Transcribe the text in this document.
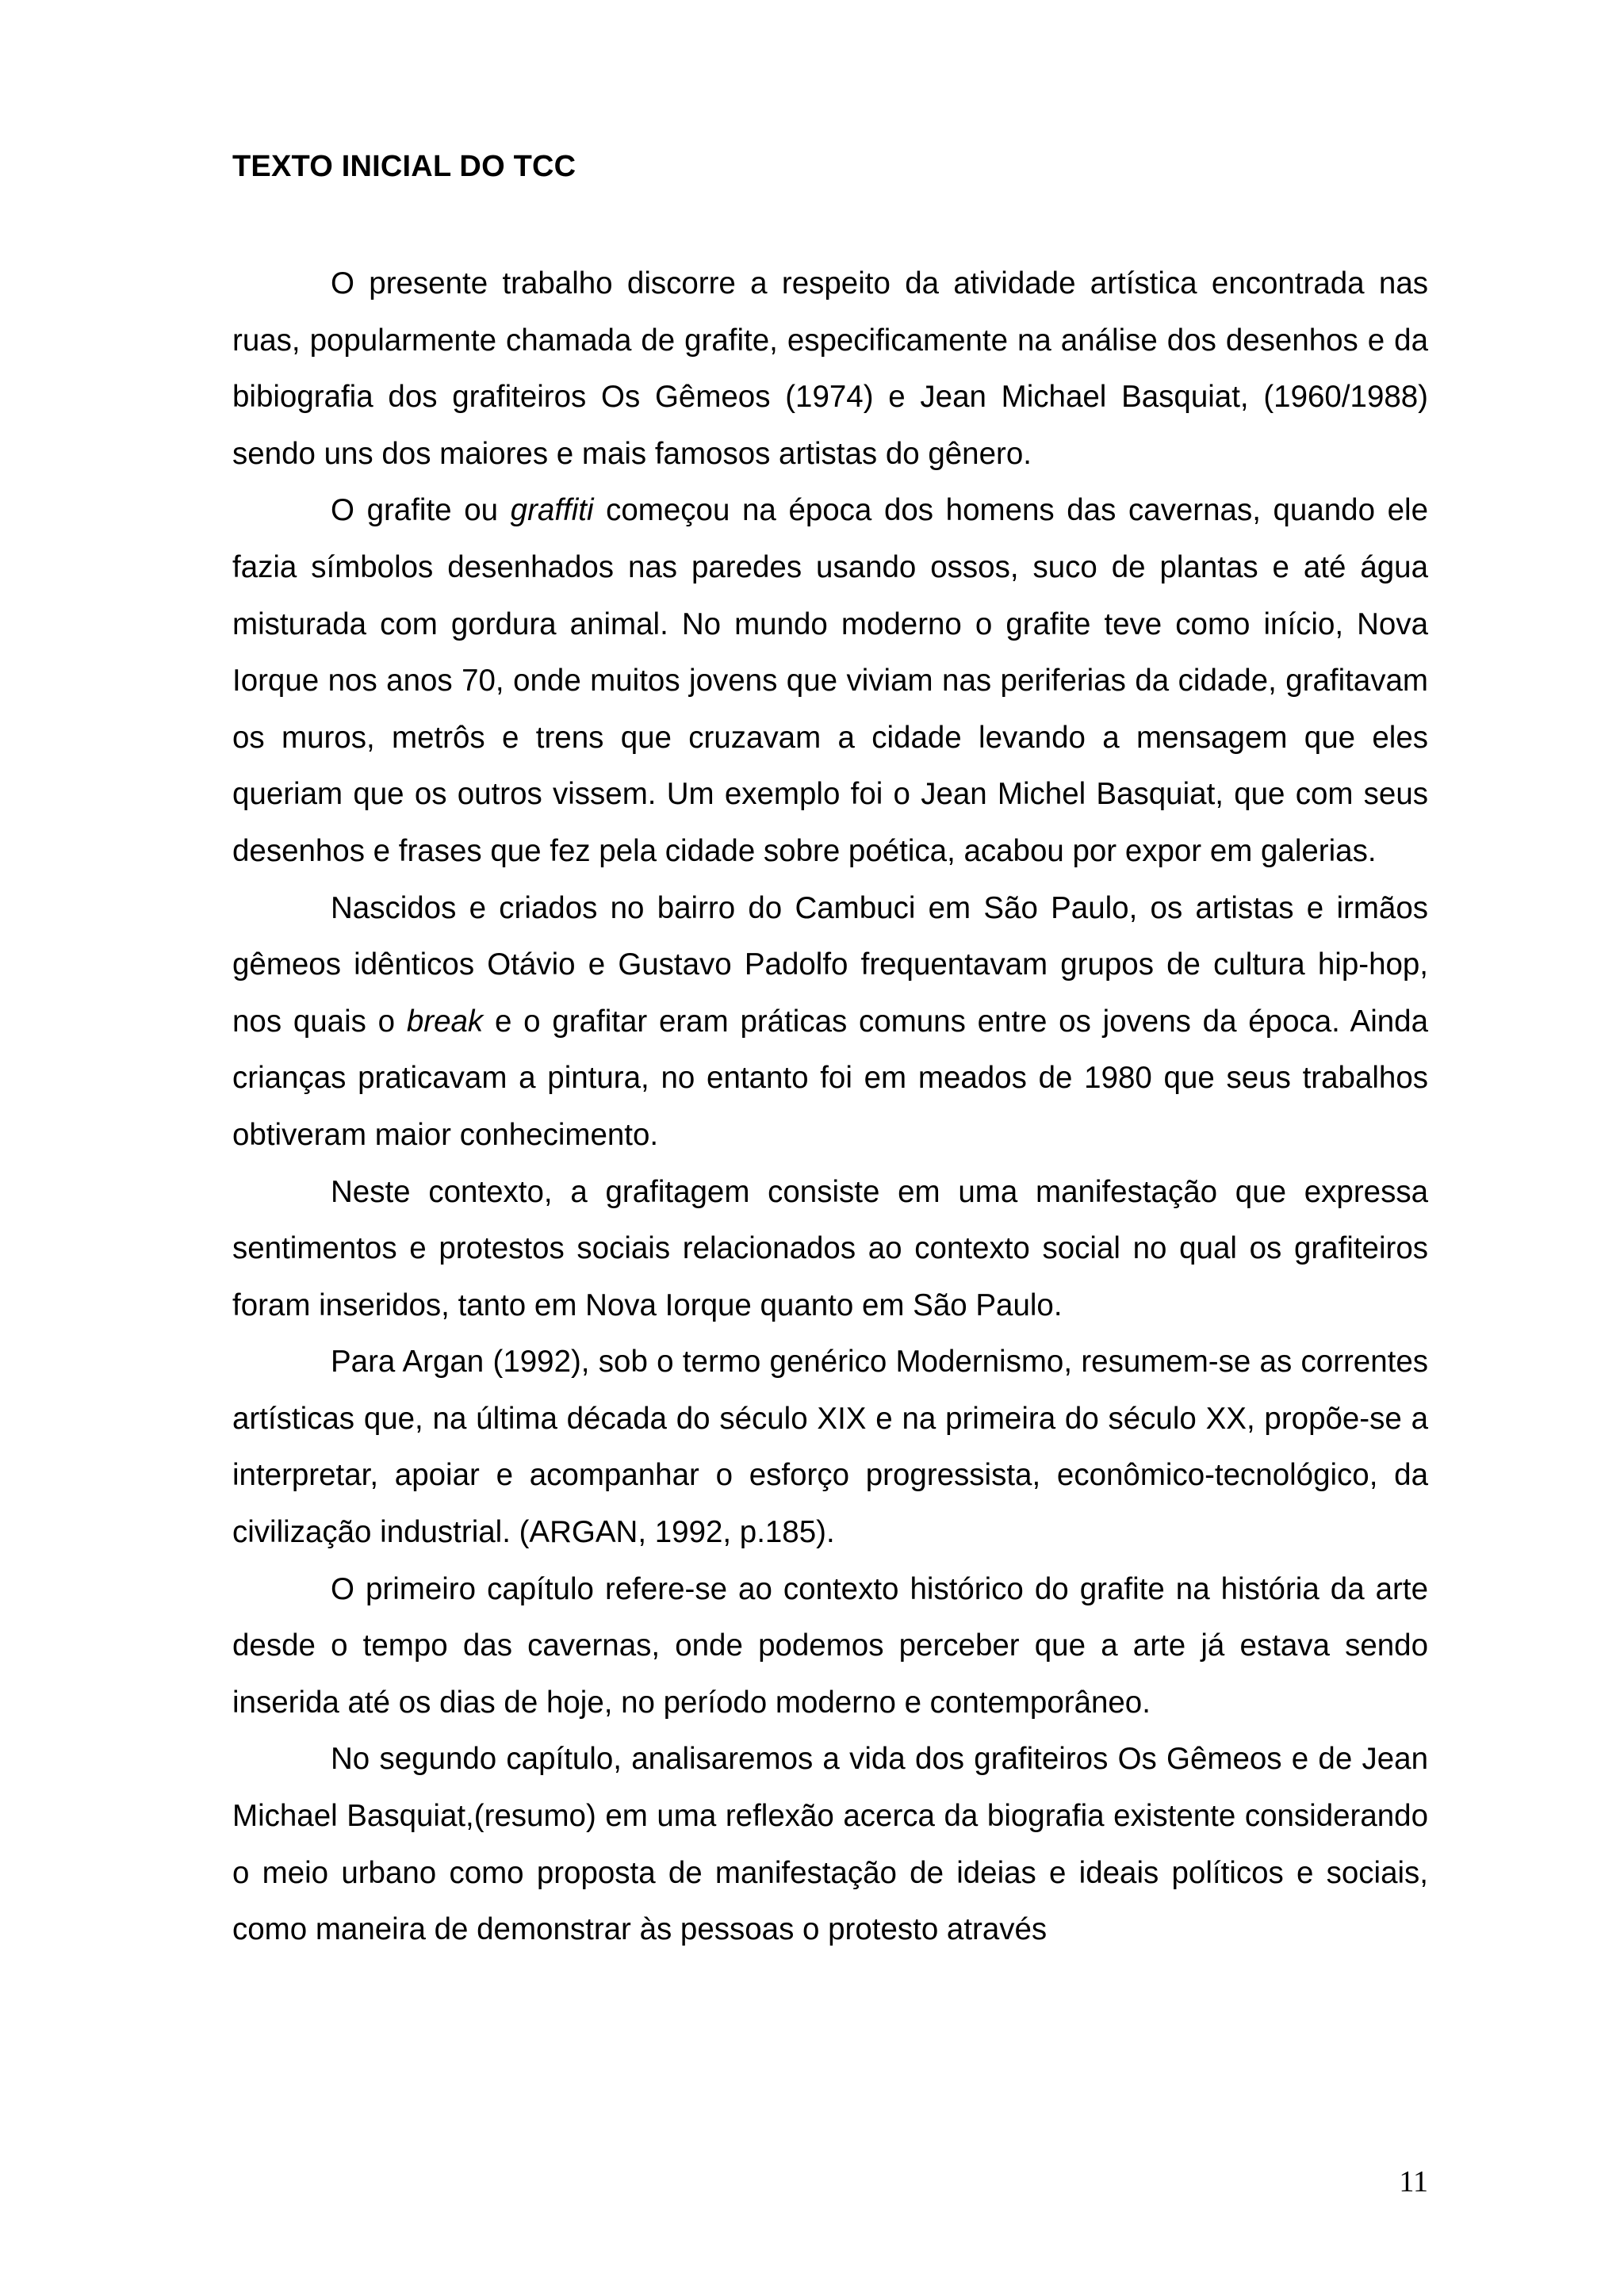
TEXTO INICIAL DO TCC

O presente trabalho discorre a respeito da atividade artística encontrada nas ruas, popularmente chamada de grafite, especificamente na análise dos desenhos e da bibiografia dos grafiteiros Os Gêmeos (1974) e Jean Michael Basquiat, (1960/1988) sendo uns dos maiores e mais famosos artistas do gênero.

O grafite ou graffiti começou na época dos homens das cavernas, quando ele fazia símbolos desenhados nas paredes usando ossos, suco de plantas e até água misturada com gordura animal. No mundo moderno o grafite teve como início, Nova Iorque nos anos 70, onde muitos jovens que viviam nas periferias da cidade, grafitavam os muros, metrôs e trens que cruzavam a cidade levando a mensagem que eles queriam que os outros vissem. Um exemplo foi o Jean Michel Basquiat, que com seus desenhos e frases que fez pela cidade sobre poética, acabou por expor em galerias.

Nascidos e criados no bairro do Cambuci em São Paulo, os artistas e irmãos gêmeos idênticos Otávio e Gustavo Padolfo frequentavam grupos de cultura hip-hop, nos quais o break e o grafitar eram práticas comuns entre os jovens da época. Ainda crianças praticavam a pintura, no entanto foi em meados de 1980 que seus trabalhos obtiveram maior conhecimento.

Neste contexto, a grafitagem consiste em uma manifestação que expressa sentimentos e protestos sociais relacionados ao contexto social no qual os grafiteiros foram inseridos, tanto em Nova Iorque quanto em São Paulo.

Para Argan (1992), sob o termo genérico Modernismo, resumem-se as correntes artísticas que, na última década do século XIX e na primeira do século XX, propõe-se a interpretar, apoiar e acompanhar o esforço progressista, econômico-tecnológico, da civilização industrial. (ARGAN, 1992, p.185).

O primeiro capítulo refere-se ao contexto histórico do grafite na história da arte desde o tempo das cavernas, onde podemos perceber que a arte já estava sendo inserida até os dias de hoje, no período moderno e contemporâneo.

No segundo capítulo, analisaremos a vida dos grafiteiros Os Gêmeos e de Jean Michael Basquiat,(resumo) em uma reflexão acerca da biografia existente considerando o meio urbano como proposta de manifestação de ideias e ideais políticos e sociais, como maneira de demonstrar às pessoas o protesto através

11
